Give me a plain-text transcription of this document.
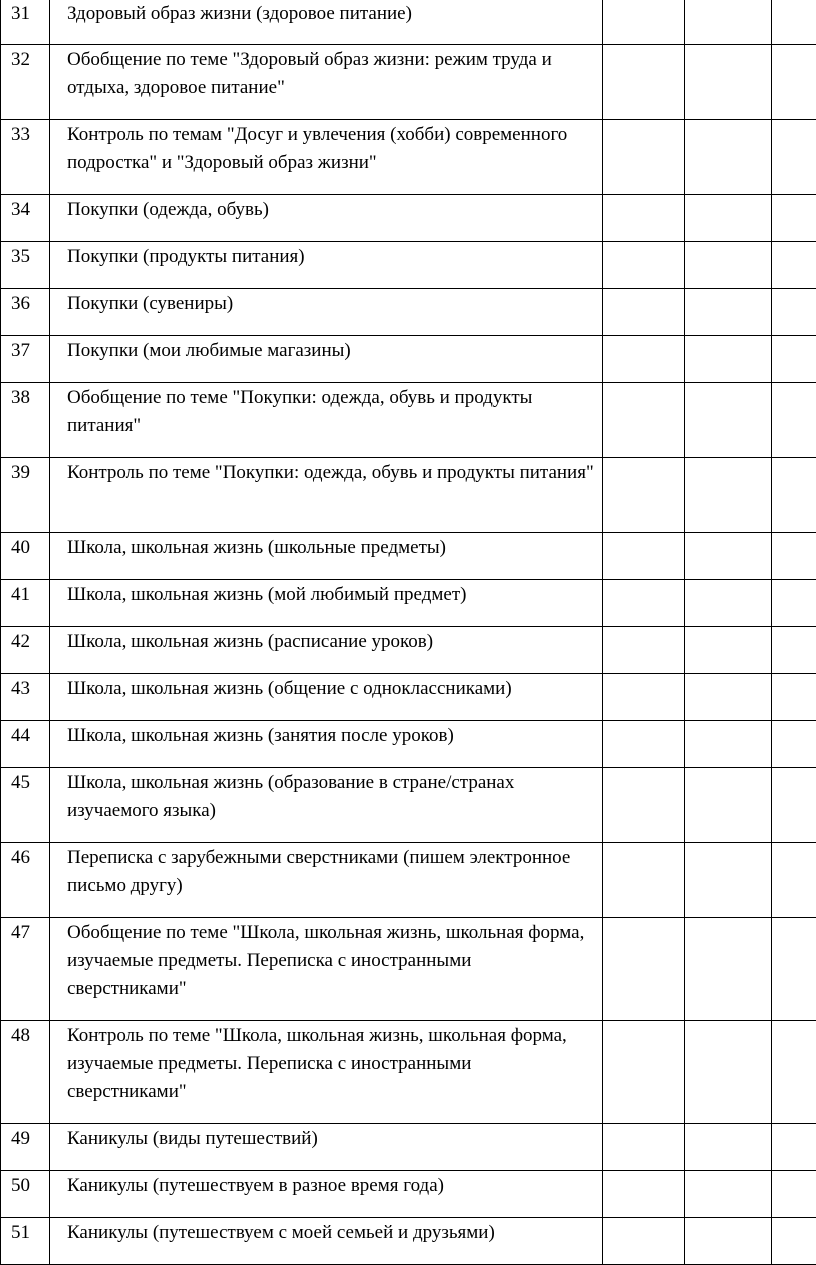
31	Здоровый образ жизни (здоровое питание)			
32	Обобщение по теме "Здоровый образ жизни: режим труда и отдыха, здоровое питание"			
33	Контроль по темам "Досуг и увлечения (хобби) современного подростка" и "Здоровый образ жизни"			
34	Покупки (одежда, обувь)			
35	Покупки (продукты питания)			
36	Покупки (сувениры)			
37	Покупки (мои любимые магазины)			
38	Обобщение по теме "Покупки: одежда, обувь и продукты питания"			
39	Контроль по теме "Покупки: одежда, обувь и продукты питания"			
40	Школа, школьная жизнь (школьные предметы)			
41	Школа, школьная жизнь (мой любимый предмет)			
42	Школа, школьная жизнь (расписание уроков)			
43	Школа, школьная жизнь (общение с одноклассниками)			
44	Школа, школьная жизнь (занятия после уроков)			
45	Школа, школьная жизнь (образование в стране/странах изучаемого языка)			
46	Переписка с зарубежными сверстниками (пишем электронное письмо другу)			
47	Обобщение по теме "Школа, школьная жизнь, школьная форма, изучаемые предметы. Переписка с иностранными сверстниками"			
48	Контроль по теме "Школа, школьная жизнь, школьная форма, изучаемые предметы. Переписка с иностранными сверстниками"			
49	Каникулы (виды путешествий)			
50	Каникулы (путешествуем в разное время года)			
51	Каникулы (путешествуем с моей семьей и друзьями)			
